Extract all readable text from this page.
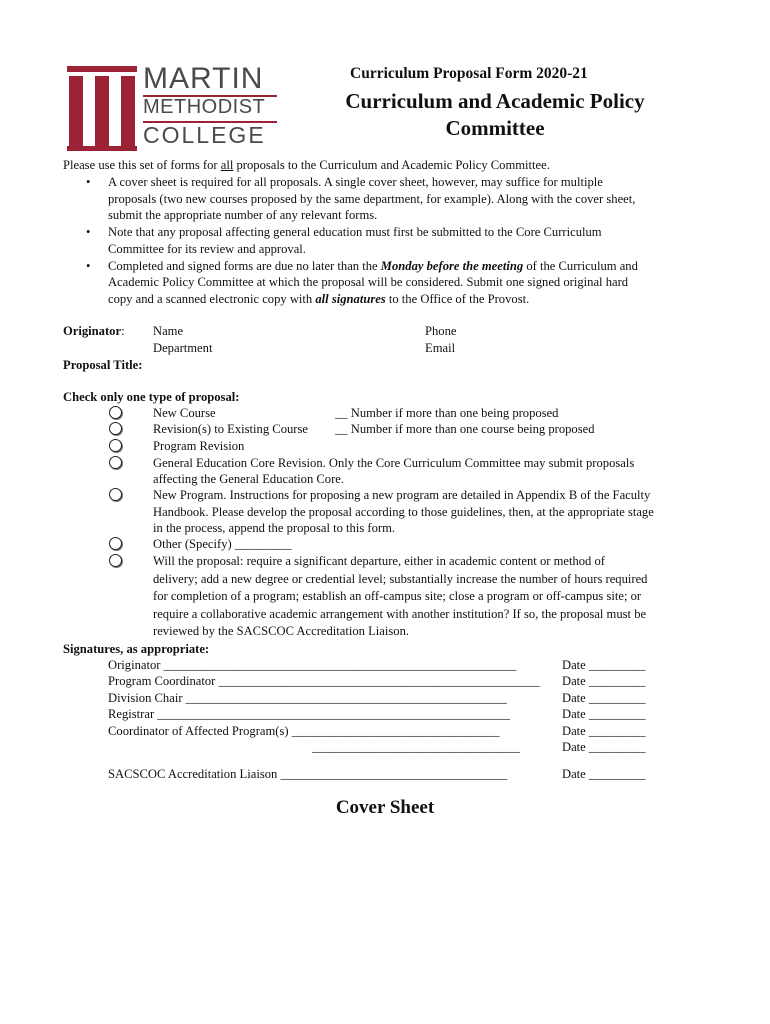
MARTIN
METHODIST
COLLEGE
Curriculum Proposal Form 2020-21
Curriculum and Academic Policy
Committee
Please use this set of forms for all proposals to the Curriculum and Academic Policy Committee.
• A cover sheet is required for all proposals. A single cover sheet, however, may suffice for multiple
proposals (two new courses proposed by the same department, for example). Along with the cover sheet,
submit the appropriate number of any relevant forms.
• Note that any proposal affecting general education must first be submitted to the Core Curriculum
Committee for its review and approval.
• Completed and signed forms are due no later than the Monday before the meeting of the Curriculum and
Academic Policy Committee at which the proposal will be considered. Submit one signed original hard
copy and a scanned electronic copy with all signatures to the Office of the Provost.
Originator: Name	Phone
Department	Email
Proposal Title:
Check only one type of proposal:
New Course	__ Number if more than one being proposed
Revision(s) to Existing Course __ Number if more than one course being proposed
Program Revision
General Education Core Revision. Only the Core Curriculum Committee may submit proposals
affecting the General Education Core.
New Program. Instructions for proposing a new program are detailed in Appendix B of the Faculty
Handbook. Please develop the proposal according to those guidelines, then, at the appropriate stage
in the process, append the proposal to this form.
Other (Specify) _________
Will the proposal: require a significant departure, either in academic content or method of
delivery; add a new degree or credential level; substantially increase the number of hours required
for completion of a program; establish an off-campus site; close a program or off-campus site; or
require a collaborative academic arrangement with another institution? If so, the proposal must be
reviewed by the SACSCOC Accreditation Liaison.
Signatures, as appropriate:
Originator ________________________________________________________	Date _________
Program Coordinator ___________________________________________________ Date _________
Division Chair ___________________________________________________	Date _________
Registrar ________________________________________________________	Date _________
Coordinator of Affected Program(s) _________________________________	Date _________
_________________________________	Date _________
SACSCOC Accreditation Liaison ____________________________________	Date _________
Cover Sheet
